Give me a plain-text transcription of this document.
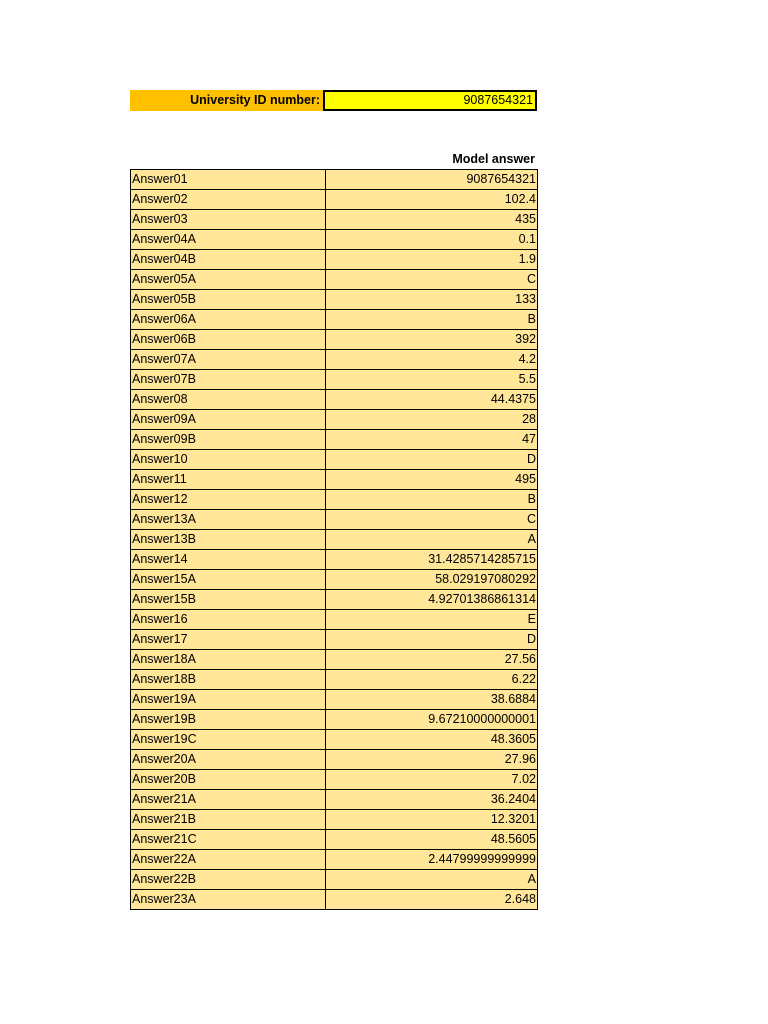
University ID number:	9087654321
Model answer
Answer01	9087654321
Answer02	102.4
Answer03	435
Answer04A	0.1
Answer04B	1.9
Answer05A	C
Answer05B	133
Answer06A	B
Answer06B	392
Answer07A	4.2
Answer07B	5.5
Answer08	44.4375
Answer09A	28
Answer09B	47
Answer10	D
Answer11	495
Answer12	B
Answer13A	C
Answer13B	A
Answer14	31.4285714285715
Answer15A	58.029197080292
Answer15B	4.92701386861314
Answer16	E
Answer17	D
Answer18A	27.56
Answer18B	6.22
Answer19A	38.6884
Answer19B	9.67210000000001
Answer19C	48.3605
Answer20A	27.96
Answer20B	7.02
Answer21A	36.2404
Answer21B	12.3201
Answer21C	48.5605
Answer22A	2.44799999999999
Answer22B	A
Answer23A	2.648
